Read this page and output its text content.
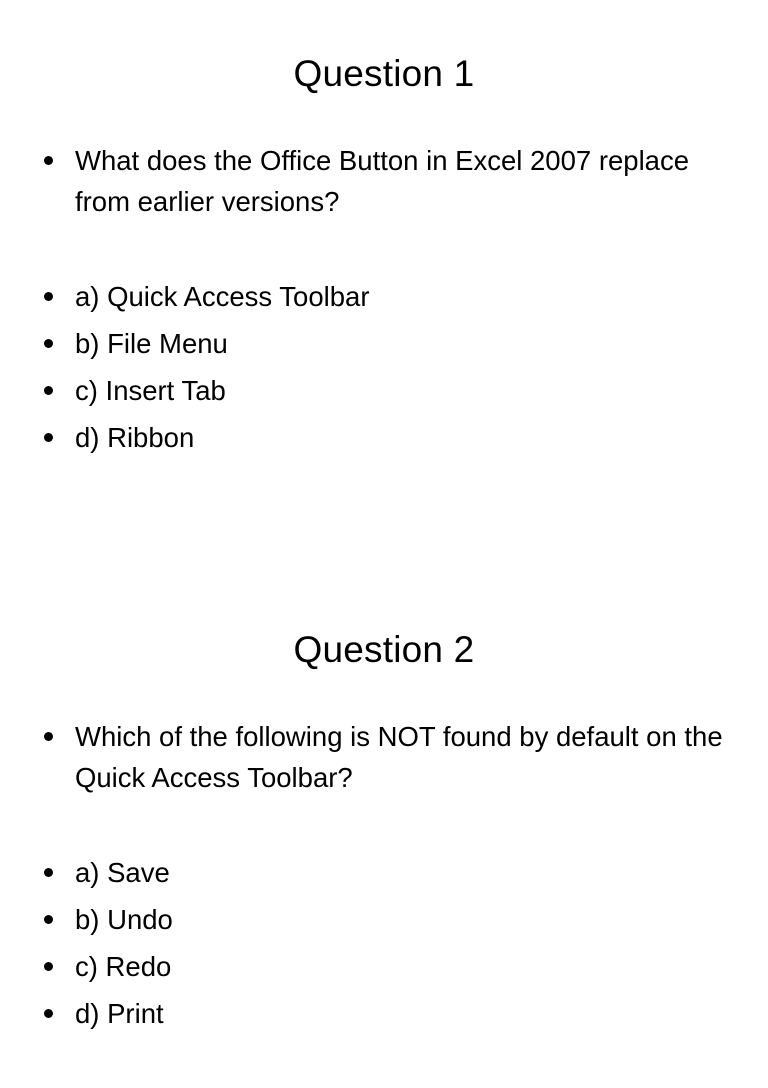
Question 1
What does the Office Button in Excel 2007 replace from earlier versions?
a) Quick Access Toolbar
b) File Menu
c) Insert Tab
d) Ribbon
Question 2
Which of the following is NOT found by default on the Quick Access Toolbar?
a) Save
b) Undo
c) Redo
d) Print
